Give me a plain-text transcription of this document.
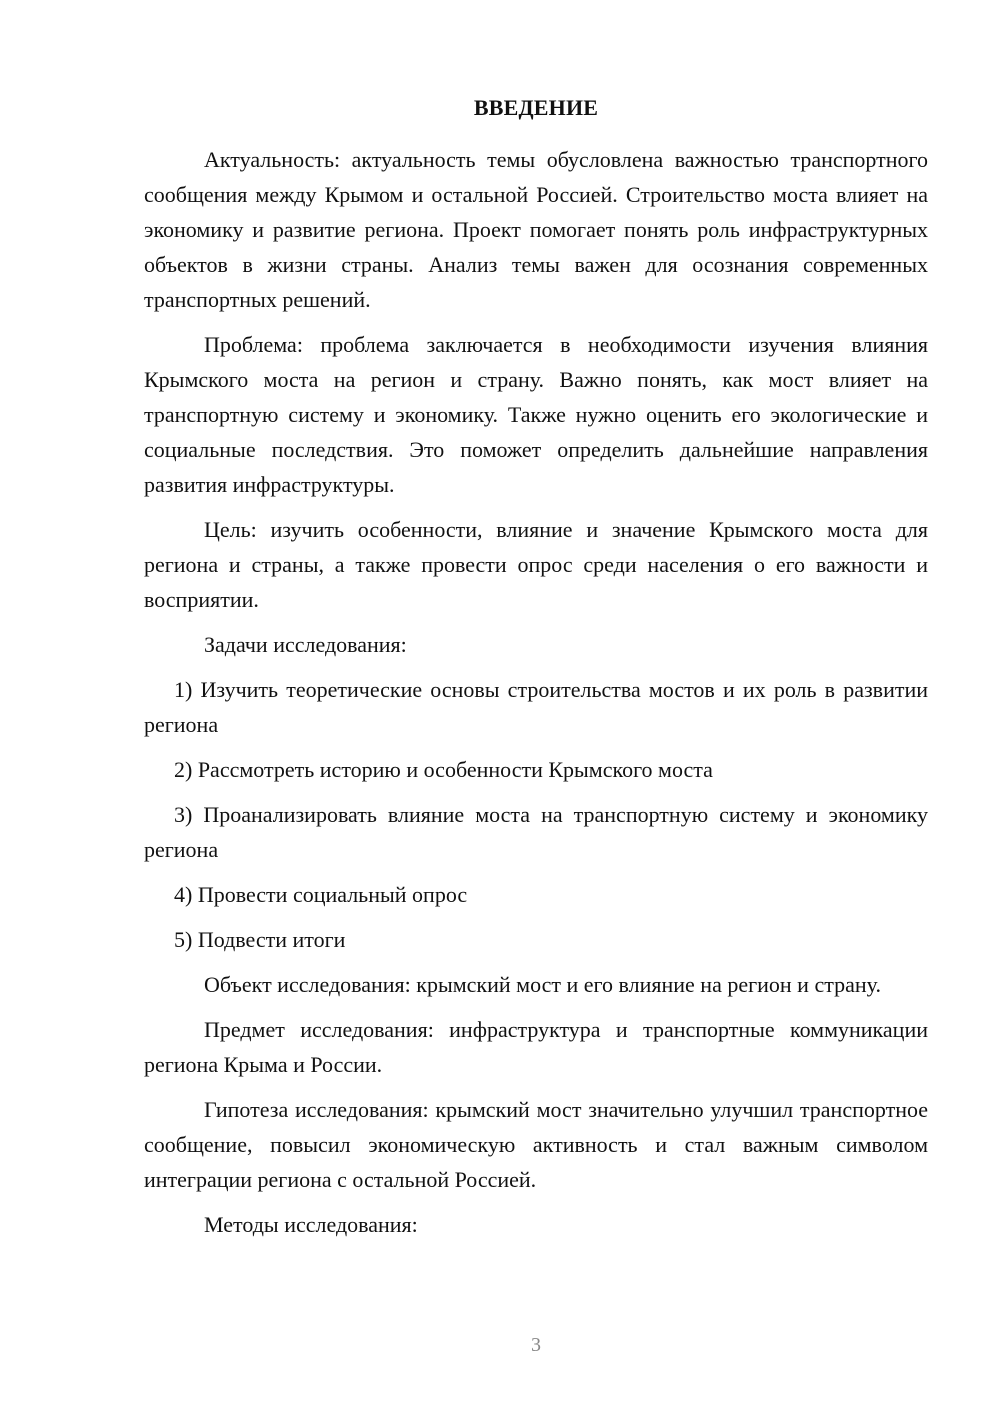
ВВЕДЕНИЕ

Актуальность: актуальность темы обусловлена важностью транспортного сообщения между Крымом и остальной Россией. Строительство моста влияет на экономику и развитие региона. Проект помогает понять роль инфраструктурных объектов в жизни страны. Анализ темы важен для осознания современных транспортных решений.

Проблема: проблема заключается в необходимости изучения влияния Крымского моста на регион и страну. Важно понять, как мост влияет на транспортную систему и экономику. Также нужно оценить его экологические и социальные последствия. Это поможет определить дальнейшие направления развития инфраструктуры.

Цель: изучить особенности, влияние и значение Крымского моста для региона и страны, а также провести опрос среди населения о его важности и восприятии.

Задачи исследования:

1) Изучить теоретические основы строительства мостов и их роль в развитии региона

2) Рассмотреть историю и особенности Крымского моста

3) Проанализировать влияние моста на транспортную систему и экономику региона

4) Провести социальный опрос

5) Подвести итоги

Объект исследования: крымский мост и его влияние на регион и страну.

Предмет исследования: инфраструктура и транспортные коммуникации региона Крыма и России.

Гипотеза исследования: крымский мост значительно улучшил транспортное сообщение, повысил экономическую активность и стал важным символом интеграции региона с остальной Россией.

Методы исследования:

3
